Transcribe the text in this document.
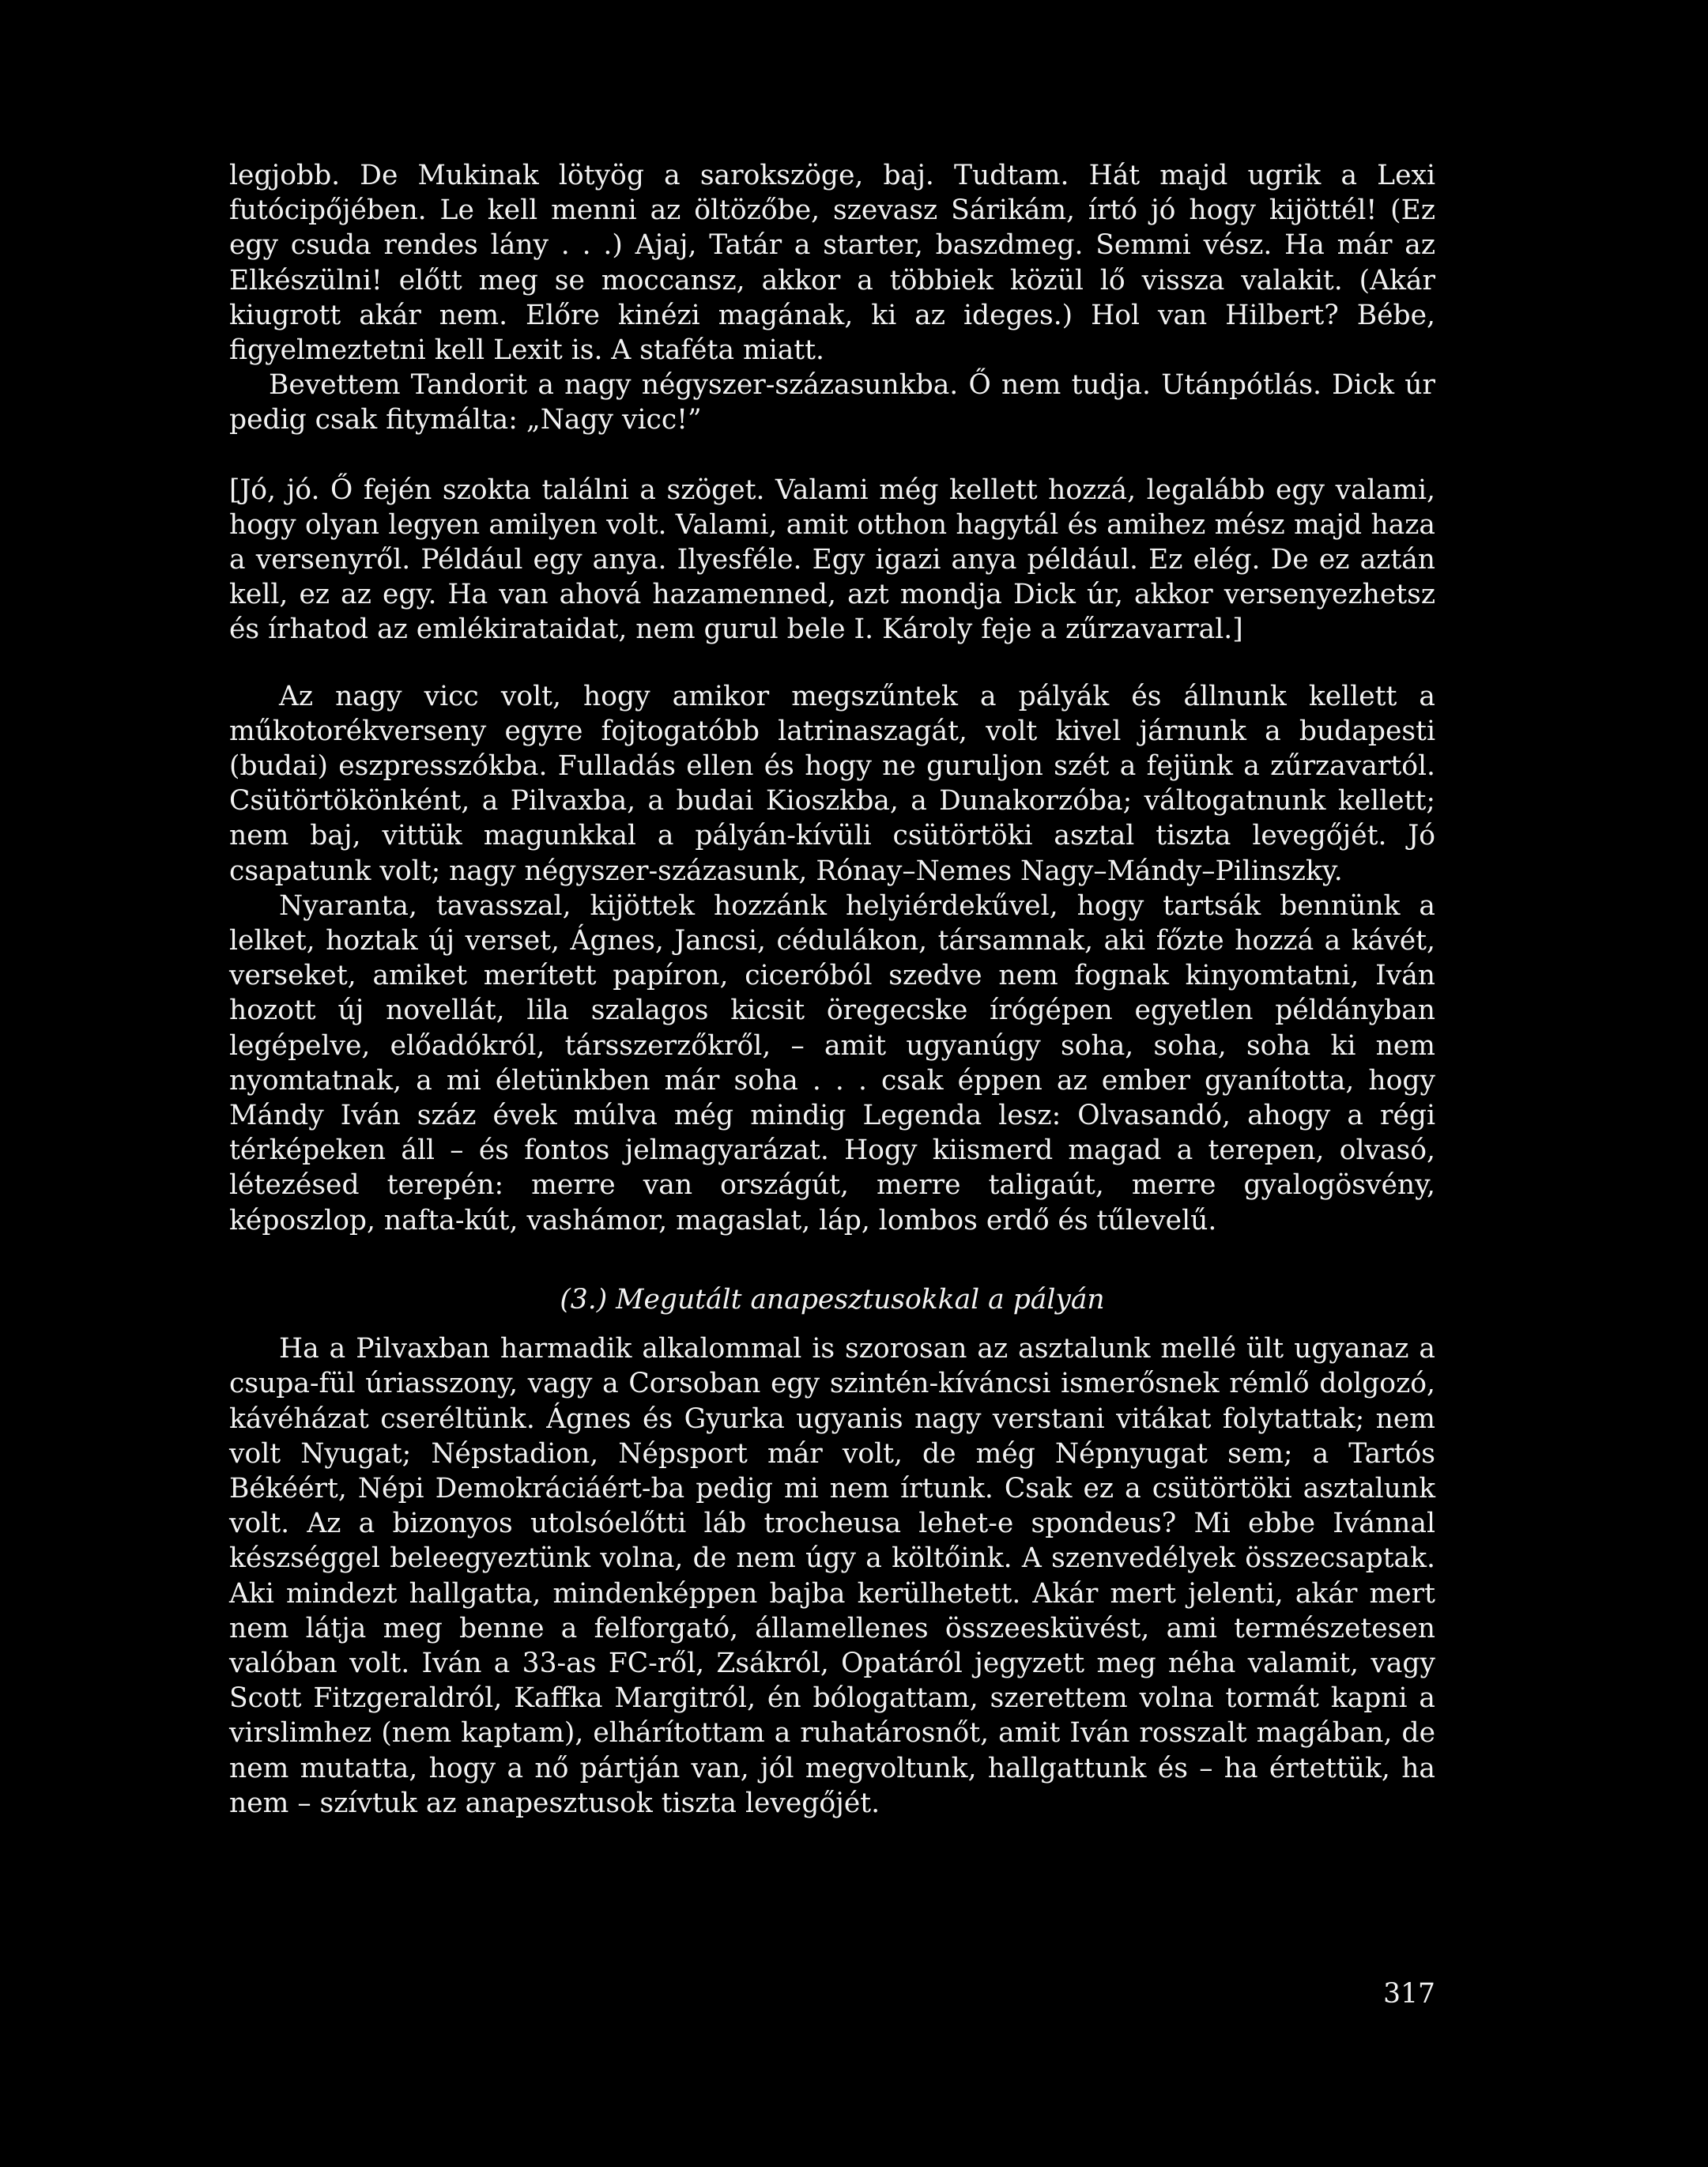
legjobb. De Mukinak lötyög a sarokszöge, baj. Tudtam. Hát majd ugrik a Lexi futócipőjében. Le kell menni az öltözőbe, szevasz Sárikám, írtó jó hogy kijöttél! (Ez egy csuda rendes lány . . .) Ajaj, Tatár a starter, baszdmeg. Semmi vész. Ha már az Elkészülni! előtt meg se moccansz, akkor a többiek közül lő vissza valakit. (Akár kiugrott akár nem. Előre kinézi magának, ki az ideges.) Hol van Hilbert? Bébe, figyelmeztetni kell Lexit is. A staféta miatt.

Bevettem Tandorit a nagy négyszer-százasunkba. Ő nem tudja. Utánpótlás. Dick úr pedig csak fitymálta: „Nagy vicc!”

[Jó, jó. Ő fején szokta találni a szöget. Valami még kellett hozzá, legalább egy valami, hogy olyan legyen amilyen volt. Valami, amit otthon hagytál és amihez mész majd haza a versenyről. Például egy anya. Ilyesféle. Egy igazi anya például. Ez elég. De ez aztán kell, ez az egy. Ha van ahová hazamenned, azt mondja Dick úr, akkor versenyezhetsz és írhatod az emlékirataidat, nem gurul bele I. Károly feje a zűrzavarral.]

Az nagy vicc volt, hogy amikor megszűntek a pályák és állnunk kellett a műkotorékverseny egyre fojtogatóbb latrinaszagát, volt kivel járnunk a budapesti (budai) eszpresszókba. Fulladás ellen és hogy ne guruljon szét a fejünk a zűrzavartól. Csütörtökönként, a Pilvaxba, a budai Kioszkba, a Dunakorzóba; váltogatnunk kellett; nem baj, vittük magunkkal a pályán-kívüli csütörtöki asztal tiszta levegőjét. Jó csapatunk volt; nagy négyszer-százasunk, Rónay–Nemes Nagy–Mándy–Pilinszky.

Nyaranta, tavasszal, kijöttek hozzánk helyiérdekűvel, hogy tartsák bennünk a lelket, hoztak új verset, Ágnes, Jancsi, cédulákon, társamnak, aki főzte hozzá a kávét, verseket, amiket merített papíron, ciceróból szedve nem fognak kinyomtatni, Iván hozott új novellát, lila szalagos kicsit öregecske írógépen egyetlen példányban legépelve, előadókról, társszerzőkről, – amit ugyanúgy soha, soha, soha ki nem nyomtatnak, a mi életünkben már soha . . . csak éppen az ember gyanította, hogy Mándy Iván száz évek múlva még mindig Legenda lesz: Olvasandó, ahogy a régi térképeken áll – és fontos jelmagyarázat. Hogy kiismerd magad a terepen, olvasó, létezésed terepén: merre van országút, merre taligaút, merre gyalogösvény, képoszlop, nafta-kút, vashámor, magaslat, láp, lombos erdő és tűlevelű.

(3.) Megutált anapesztusokkal a pályán

Ha a Pilvaxban harmadik alkalommal is szorosan az asztalunk mellé ült ugyanaz a csupa-fül úriasszony, vagy a Corsoban egy szintén-kíváncsi ismerősnek rémlő dolgozó, kávéházat cseréltünk. Ágnes és Gyurka ugyanis nagy verstani vitákat folytattak; nem volt Nyugat; Népstadion, Népsport már volt, de még Népnyugat sem; a Tartós Békéért, Népi Demokráciáért-ba pedig mi nem írtunk. Csak ez a csütörtöki asztalunk volt. Az a bizonyos utolsóelőtti láb trocheusa lehet-e spondeus? Mi ebbe Ivánnal készséggel beleegyeztünk volna, de nem úgy a költőink. A szenvedélyek összecsaptak. Aki mindezt hallgatta, mindenképpen bajba kerülhetett. Akár mert jelenti, akár mert nem látja meg benne a felforgató, államellenes összeesküvést, ami természetesen valóban volt. Iván a 33-as FC-ről, Zsákról, Opatáról jegyzett meg néha valamit, vagy Scott Fitzgeraldról, Kaffka Margitról, én bólogattam, szerettem volna tormát kapni a virslimhez (nem kaptam), elhárítottam a ruhatárosnőt, amit Iván rosszalt magában, de nem mutatta, hogy a nő pártján van, jól megvoltunk, hallgattunk és – ha értettük, ha nem – szívtuk az anapesztusok tiszta levegőjét.

317
